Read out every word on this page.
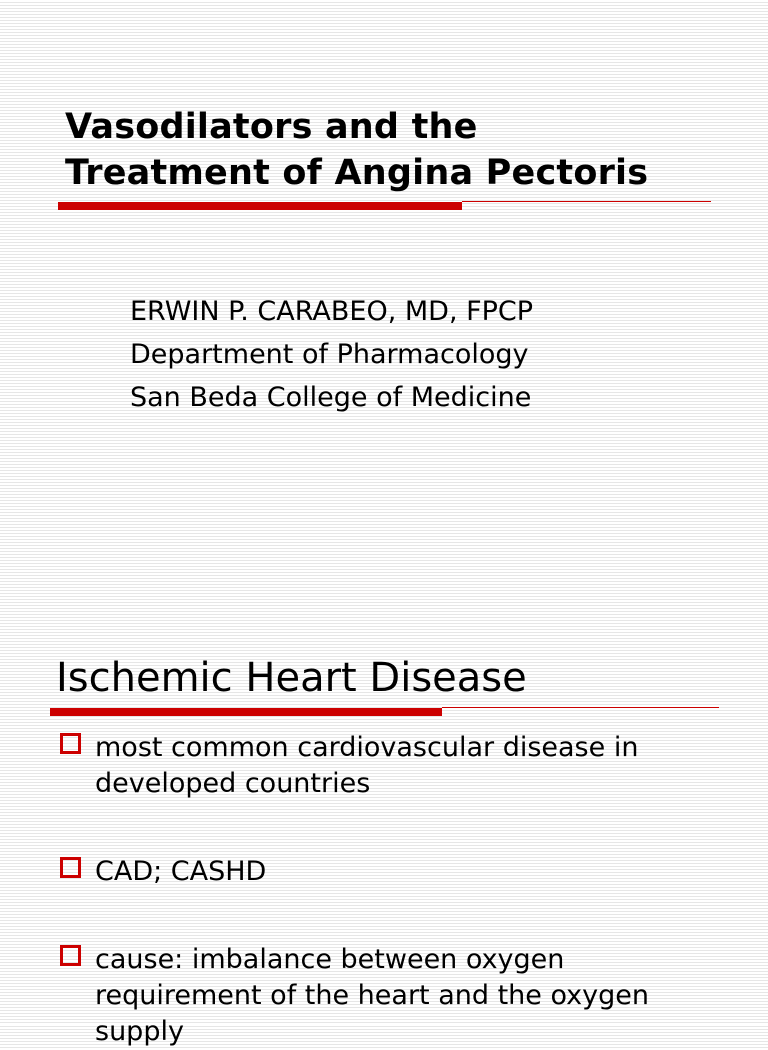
Vasodilators and the
Treatment of Angina Pectoris
ERWIN P. CARABEO, MD, FPCP
Department of Pharmacology
San Beda College of Medicine
Ischemic Heart Disease
most common cardiovascular disease in developed countries
CAD; CASHD
cause: imbalance between oxygen requirement of the heart and the oxygen supply
